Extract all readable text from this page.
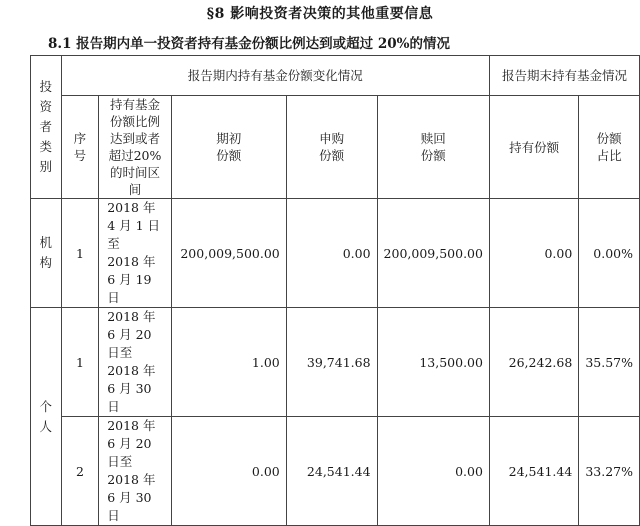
§8 影响投资者决策的其他重要信息
8.1 报告期内单一投资者持有基金份额比例达到或超过 20%的情况
投资者类别	报告期内持有基金份额变化情况					报告期末持有基金情况	
	序号	持有基金份额比例达到或者超过20%的时间区间	期初份额	申购份额	赎回份额	持有份额	份额占比
机构	1	2018 年
4 月 1 日至
2018 年
6 月 19 日	200,009,500.00	0.00	200,009,500.00	0.00	0.00%
个人	1	2018 年
6 月 20 日至
2018 年
6 月 30 日	1.00	39,741.68	13,500.00	26,242.68	35.57%
	2	2018 年
6 月 20 日至
2018 年
6 月 30 日	0.00	24,541.44	0.00	24,541.44	33.27%
